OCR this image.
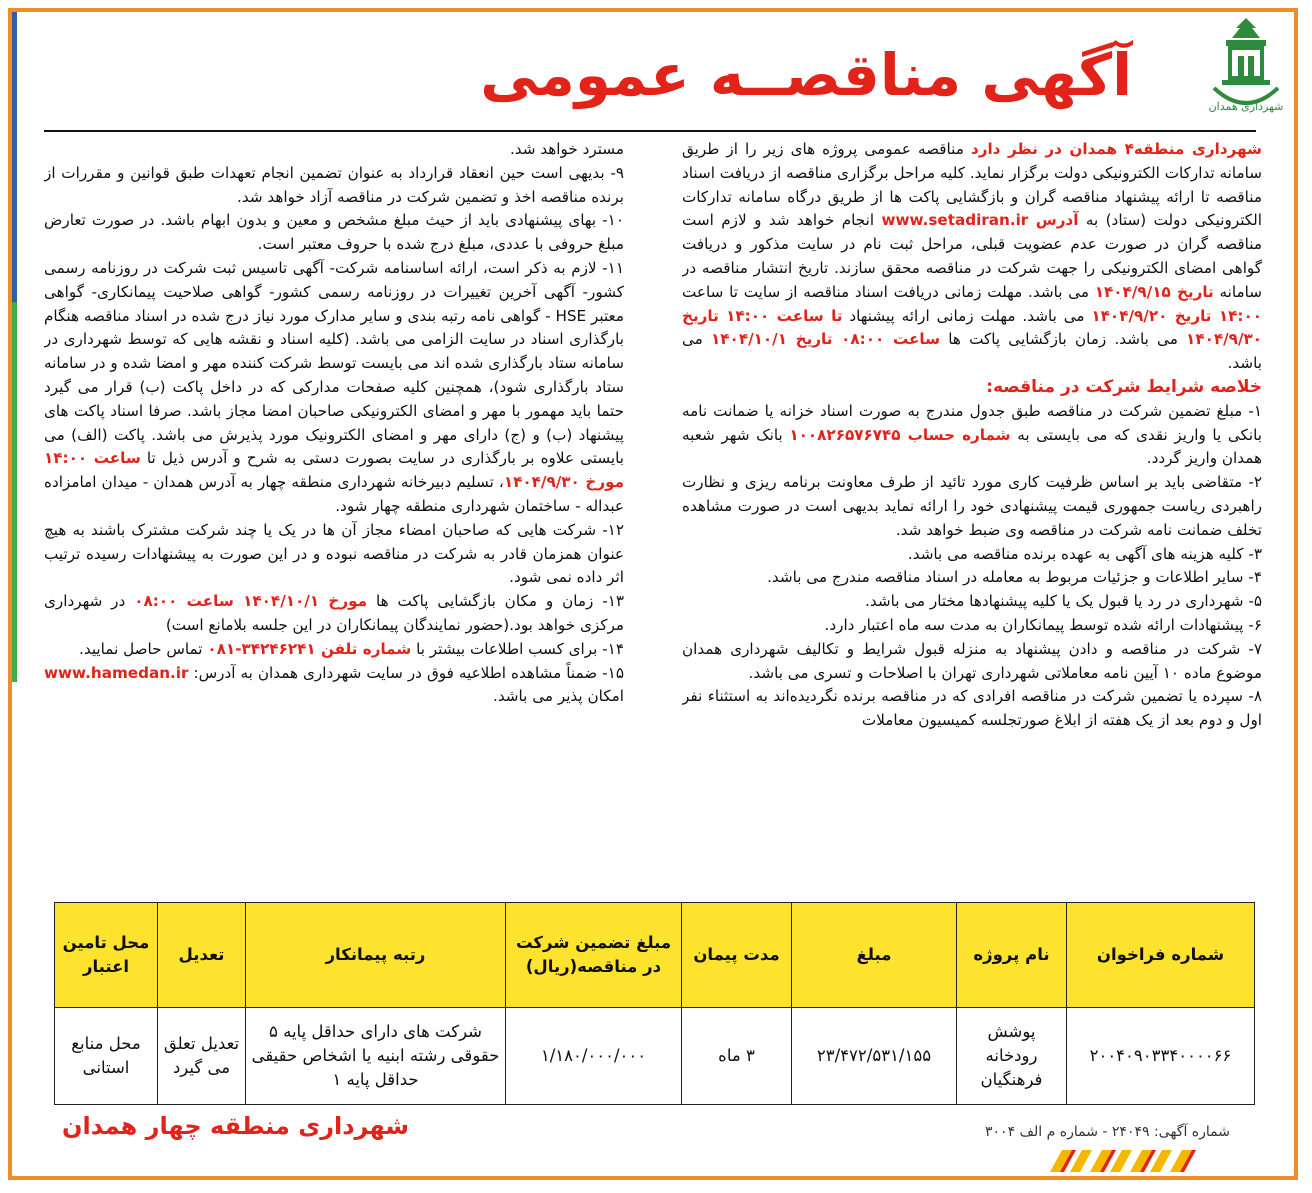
شهرداری همدان
آگهی مناقصــه عمومی

شهرداری منطقه۴ همدان در نظر دارد مناقصه عمومی پروژه های زیر را از طریق سامانه تدارکات الکترونیکی دولت برگزار نماید. کلیه مراحل برگزاری مناقصه از دریافت اسناد مناقصه تا ارائه پیشنهاد مناقصه گران و بازگشایی پاکت ها از طریق درگاه سامانه تدارکات الکترونیکی دولت (ستاد) به آدرس www.setadiran.ir انجام خواهد شد و لازم است مناقصه گران در صورت عدم عضویت قبلی، مراحل ثبت نام در سایت مذکور و دریافت گواهی امضای الکترونیکی را جهت شرکت در مناقصه محقق سازند. تاریخ انتشار مناقصه در سامانه تاریخ ۱۴۰۴/۹/۱۵ می باشد. مهلت زمانی دریافت اسناد مناقصه از سایت تا ساعت ۱۴:۰۰ تاریخ ۱۴۰۴/۹/۲۰ می باشد. مهلت زمانی ارائه پیشنهاد تا ساعت ۱۴:۰۰ تاریخ ۱۴۰۴/۹/۳۰ می باشد. زمان بازگشایی پاکت ها ساعت ۰۸:۰۰ تاریخ ۱۴۰۴/۱۰/۱ می باشد.

خلاصه شرایط شرکت در مناقصه:

۱- مبلغ تضمین شرکت در مناقصه طبق جدول مندرج به صورت اسناد خزانه یا ضمانت نامه بانکی یا واریز نقدی که می بایستی به شماره حساب ۱۰۰۸۲۶۵۷۶۷۴۵ بانک شهر شعبه همدان واریز گردد.

۲- متقاضی باید بر اساس ظرفیت کاری مورد تائید از طرف معاونت برنامه ریزی و نظارت راهبردی ریاست جمهوری قیمت پیشنهادی خود را ارائه نماید بدیهی است در صورت مشاهده تخلف ضمانت نامه شرکت در مناقصه وی ضبط خواهد شد.

۳- کلیه هزینه های آگهی به عهده برنده مناقصه می باشد.

۴- سایر اطلاعات و جزئیات مربوط به معامله در اسناد مناقصه مندرج می باشد.

۵- شهرداری در رد یا قبول یک یا کلیه پیشنهادها مختار می باشد.

۶- پیشنهادات ارائه شده توسط پیمانکاران به مدت سه ماه اعتبار دارد.

۷- شرکت در مناقصه و دادن پیشنهاد به منزله قبول شرایط و تکالیف شهرداری همدان موضوع ماده ۱۰ آیین نامه معاملاتی شهرداری تهران با اصلاحات و تسری می باشد.

۸- سپرده یا تضمین شرکت در مناقصه افرادی که در مناقصه برنده نگردیده‌اند به استثناء نفر اول و دوم بعد از یک هفته از ابلاغ صورتجلسه کمیسیون معاملات

مسترد خواهد شد.

۹- بدیهی است حین انعقاد قرارداد به عنوان تضمین انجام تعهدات طبق قوانین و مقررات از برنده مناقصه اخذ و تضمین شرکت در مناقصه آزاد خواهد شد.

۱۰- بهای پیشنهادی باید از حیث مبلغ مشخص و معین و بدون ابهام باشد. در صورت تعارض مبلغ حروفی با عددی، مبلغ درج شده با حروف معتبر است.

۱۱- لازم به ذکر است، ارائه اساسنامه شرکت- آگهی تاسیس ثبت شرکت در روزنامه رسمی کشور- آگهی آخرین تغییرات در روزنامه رسمی کشور- گواهی صلاحیت پیمانکاری- گواهی معتبر HSE - گواهی نامه رتبه بندی و سایر مدارک مورد نیاز درج شده در اسناد مناقصه هنگام بارگذاری اسناد در سایت الزامی می باشد. (کلیه اسناد و نقشه هایی که توسط شهرداری در سامانه ستاد بارگذاری شده اند می بایست توسط شرکت کننده مهر و امضا شده و در سامانه ستاد بارگذاری شود)، همچنین کلیه صفحات مدارکی که در داخل پاکت (ب) قرار می گیرد حتما باید مهمور با مهر و امضای الکترونیکی صاحبان امضا مجاز باشد. صرفا اسناد پاکت های پیشنهاد (ب) و (ج) دارای مهر و امضای الکترونیک مورد پذیرش می باشد. پاکت (الف) می بایستی علاوه بر بارگذاری در سایت بصورت دستی به شرح و آدرس ذیل تا ساعت ۱۴:۰۰ مورخ ۱۴۰۴/۹/۳۰، تسلیم دبیرخانه شهرداری منطقه چهار به آدرس همدان - میدان امامزاده عبداله - ساختمان شهرداری منطقه چهار شود.

۱۲- شرکت هایی که صاحبان امضاء مجاز آن ها در یک یا چند شرکت مشترک باشند به هیچ عنوان همزمان قادر به شرکت در مناقصه نبوده و در این صورت به پیشنهادات رسیده ترتیب اثر داده نمی شود.

۱۳- زمان و مکان بازگشایی پاکت ها مورخ ۱۴۰۴/۱۰/۱ ساعت ۰۸:۰۰ در شهرداری مرکزی خواهد بود.(حضور نمایندگان پیمانکاران در این جلسه بلامانع است)

۱۴- برای کسب اطلاعات بیشتر با شماره تلفن ۳۴۲۴۶۲۴۱-۰۸۱ تماس حاصل نمایید.

۱۵- ضمناً مشاهده اطلاعیه فوق در سایت شهرداری همدان به آدرس: www.hamedan.ir امکان پذیر می باشد.

شماره فراخوان	نام پروژه	مبلغ	مدت پیمان	مبلغ تضمین شرکت در مناقصه(ریال)	رتبه پیمانکار	تعدیل	محل تامین اعتبار
۲۰۰۴۰۹۰۳۳۴۰۰۰۰۶۶	پوشش رودخانه فرهنگیان	۲۳/۴۷۲/۵۳۱/۱۵۵	۳ ماه	۱/۱۸۰/۰۰۰/۰۰۰	شرکت های دارای حداقل پایه ۵ حقوقی رشته ابنیه یا اشخاص حقیقی حداقل پایه ۱	تعدیل تعلق می گیرد	محل منابع استانی
شماره آگهی: ۲۴۰۴۹ - شماره م الف ۳۰۰۴
شهرداری منطقه چهار همدان
